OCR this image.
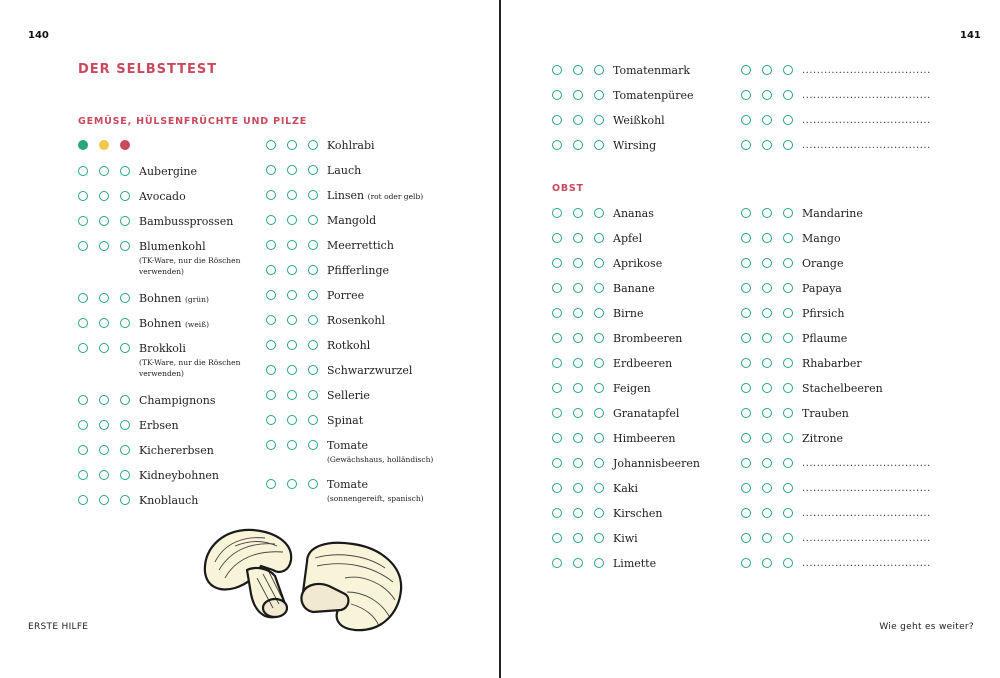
140
DER SELBSTTEST
GEMÜSE, HÜLSENFRÜCHTE UND PILZE
Aubergine
Avocado
Bambussprossen
Blumenkohl
(TK-Ware, nur die Röschen verwenden)
Bohnen (grün)
Bohnen (weiß)
Brokkoli
(TK-Ware, nur die Röschen verwenden)
Champignons
Erbsen
Kichererbsen
Kidneybohnen
Knoblauch
Kohlrabi
Lauch
Linsen (rot oder gelb)
Mangold
Meerrettich
Pfifferlinge
Porree
Rosenkohl
Rotkohl
Schwarzwurzel
Sellerie
Spinat
Tomate
(Gewächshaus, holländisch)
Tomate
(sonnengereift, spanisch)
ERSTE HILFE
141
Tomatenmark
Tomatenpüree
Weißkohl
Wirsing
...................................
...................................
...................................
...................................
OBST
Ananas
Apfel
Aprikose
Banane
Birne
Brombeeren
Erdbeeren
Feigen
Granatapfel
Himbeeren
Johannisbeeren
Kaki
Kirschen
Kiwi
Limette
Mandarine
Mango
Orange
Papaya
Pfirsich
Pflaume
Rhabarber
Stachelbeeren
Trauben
Zitrone
...................................
...................................
...................................
...................................
...................................
Wie geht es weiter?
